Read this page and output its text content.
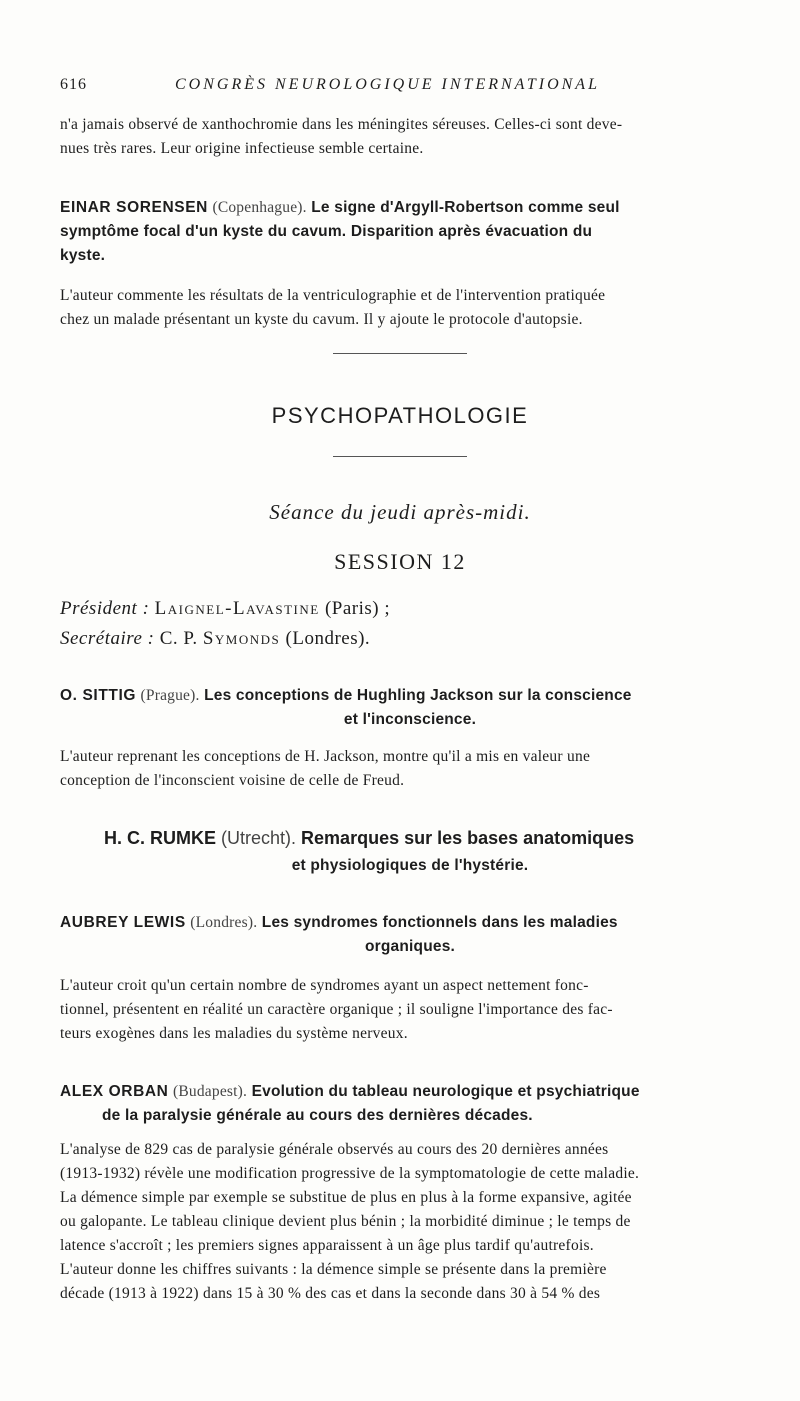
616	CONGRÈS NEUROLOGIQUE INTERNATIONAL

n'a jamais observé de xanthochromie dans les méningites séreuses. Celles-ci sont deve-

nues très rares. Leur origine infectieuse semble certaine.

EINAR SORENSEN (Copenhague). Le signe d'Argyll-Robertson comme seul

symptôme focal d'un kyste du cavum. Disparition après évacuation du

kyste.

L'auteur commente les résultats de la ventriculographie et de l'intervention pratiquée

chez un malade présentant un kyste du cavum. Il y ajoute le protocole d'autopsie.

PSYCHOPATHOLOGIE
Séance du jeudi après-midi.
SESSION 12
Président : Laignel-Lavastine (Paris) ;
Secrétaire : C. P. Symonds (Londres).

O. SITTIG (Prague). Les conceptions de Hughling Jackson sur la conscience

et l'inconscience.

L'auteur reprenant les conceptions de H. Jackson, montre qu'il a mis en valeur une

conception de l'inconscient voisine de celle de Freud.

H. C. RUMKE (Utrecht). Remarques sur les bases anatomiques

et physiologiques de l'hystérie.

AUBREY LEWIS (Londres). Les syndromes fonctionnels dans les maladies

organiques.

L'auteur croit qu'un certain nombre de syndromes ayant un aspect nettement fonc-

tionnel, présentent en réalité un caractère organique ; il souligne l'importance des fac-

teurs exogènes dans les maladies du système nerveux.

ALEX ORBAN (Budapest). Evolution du tableau neurologique et psychiatrique

de la paralysie générale au cours des dernières décades.

L'analyse de 829 cas de paralysie générale observés au cours des 20 dernières années

(1913-1932) révèle une modification progressive de la symptomatologie de cette maladie.

La démence simple par exemple se substitue de plus en plus à la forme expansive, agitée

ou galopante. Le tableau clinique devient plus bénin ; la morbidité diminue ; le temps de

latence s'accroît ; les premiers signes apparaissent à un âge plus tardif qu'autrefois.

L'auteur donne les chiffres suivants : la démence simple se présente dans la première

décade (1913 à 1922) dans 15 à 30 % des cas et dans la seconde dans 30 à 54 % des
